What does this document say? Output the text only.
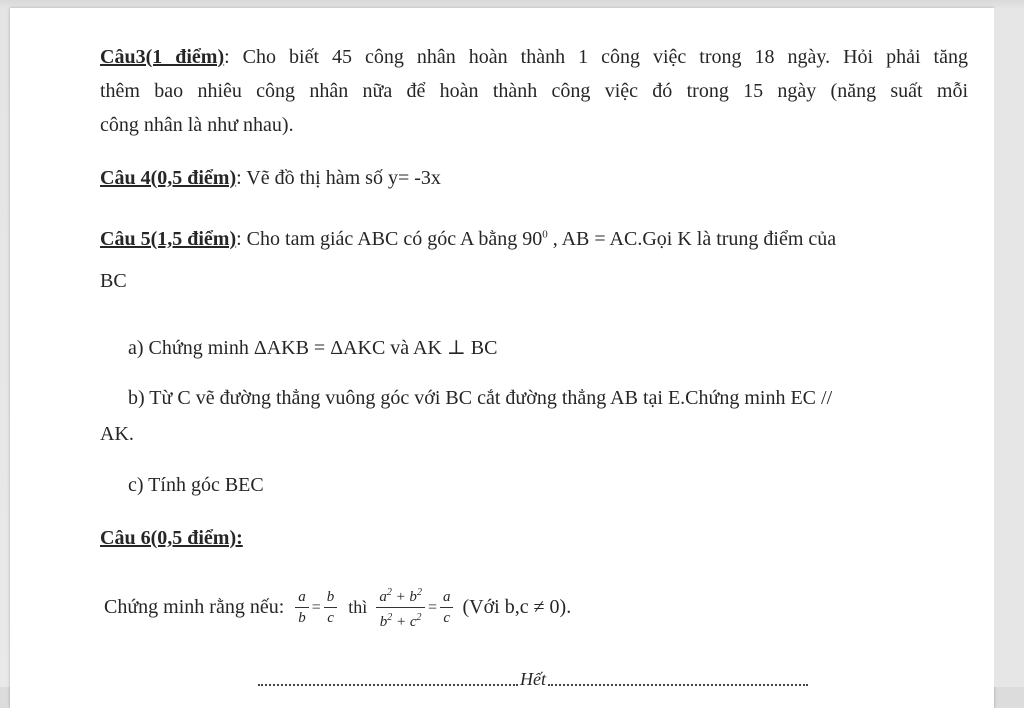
Câu3(1 điểm): Cho biết 45 công nhân hoàn thành 1 công việc trong 18 ngày. Hỏi phải tăng
thêm bao nhiêu công nhân nữa để hoàn thành công việc đó trong 15 ngày (năng suất mỗi
công nhân là như nhau).
Câu 4(0,5 điểm): Vẽ đồ thị hàm số y= -3x
Câu 5(1,5 điểm): Cho tam giác ABC có góc A bằng $90^0$ , AB = AC.Gọi K là trung điểm của
BC
a) Chứng minh ΔAKB = ΔAKC và AK ⊥ BC
b) Từ C vẽ đường thẳng vuông góc với BC cắt đường thẳng AB tại E.Chứng minh EC //
AK.
c) Tính góc BEC
Câu 6(0,5 điểm):
Chứng minh rằng nếu: $\frac{a}{b} = \frac{b}{c}$ thì $\frac{a^2 + b^2}{b^2 + c^2} = \frac{a}{c}$ (Với b,c ≠ 0).
Hết
